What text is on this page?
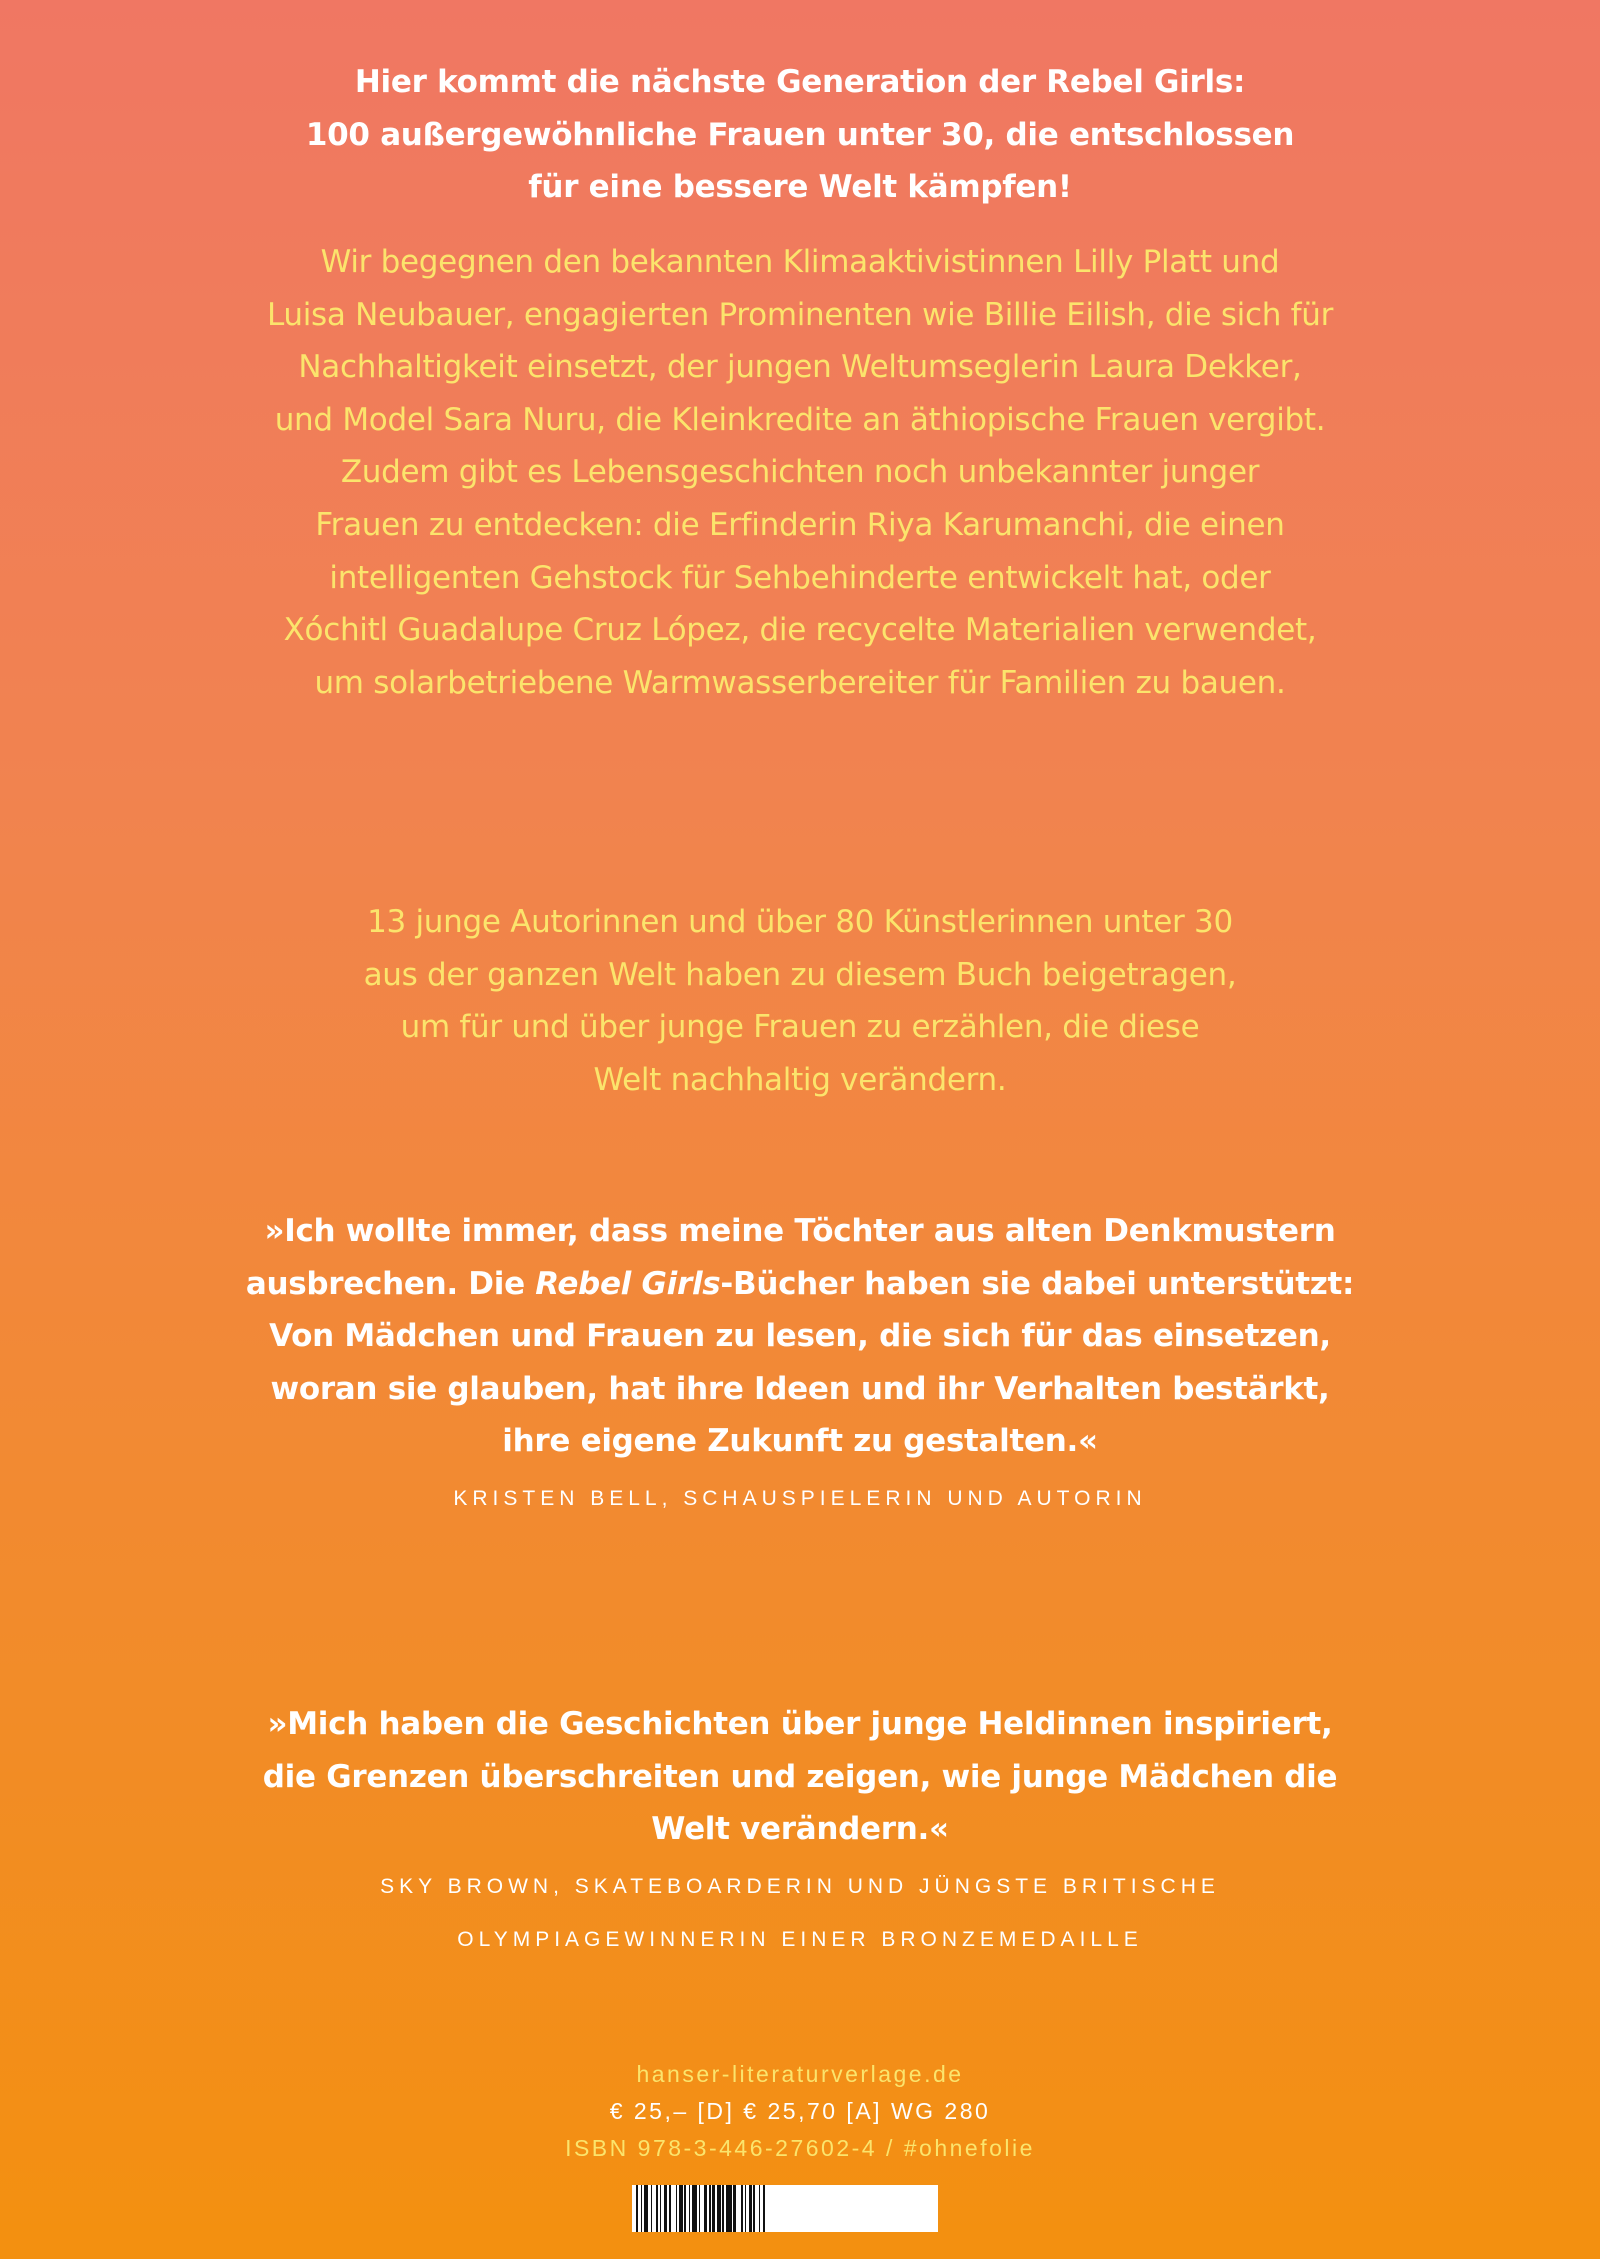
Hier kommt die nächste Generation der Rebel Girls:
100 außergewöhnliche Frauen unter 30, die entschlossen
für eine bessere Welt kämpfen!
Wir begegnen den bekannten Klimaaktivistinnen Lilly Platt und
Luisa Neubauer, engagierten Prominenten wie Billie Eilish, die sich für
Nachhaltigkeit einsetzt, der jungen Weltumseglerin Laura Dekker,
und Model Sara Nuru, die Kleinkredite an äthiopische Frauen vergibt.
Zudem gibt es Lebensgeschichten noch unbekannter junger
Frauen zu entdecken: die Erfinderin Riya Karumanchi, die einen
intelligenten Gehstock für Sehbehinderte entwickelt hat, oder
Xóchitl Guadalupe Cruz López, die recycelte Materialien verwendet,
um solarbetriebene Warmwasserbereiter für Familien zu bauen.
13 junge Autorinnen und über 80 Künstlerinnen unter 30
aus der ganzen Welt haben zu diesem Buch beigetragen,
um für und über junge Frauen zu erzählen, die diese
Welt nachhaltig verändern.
»Ich wollte immer, dass meine Töchter aus alten Denkmustern
ausbrechen. Die Rebel Girls-Bücher haben sie dabei unterstützt:
Von Mädchen und Frauen zu lesen, die sich für das einsetzen,
woran sie glauben, hat ihre Ideen und ihr Verhalten bestärkt,
ihre eigene Zukunft zu gestalten.«
KRISTEN BELL, SCHAUSPIELERIN UND AUTORIN
»Mich haben die Geschichten über junge Heldinnen inspiriert,
die Grenzen überschreiten und zeigen, wie junge Mädchen die
Welt verändern.«
SKY BROWN, SKATEBOARDERIN UND JÜNGSTE BRITISCHE
OLYMPIAGEWINNERIN EINER BRONZEMEDAILLE
hanser-literaturverlage.de
€ 25,– [D] € 25,70 [A] WG 280
ISBN 978-3-446-27602-4 / #ohnefolie
